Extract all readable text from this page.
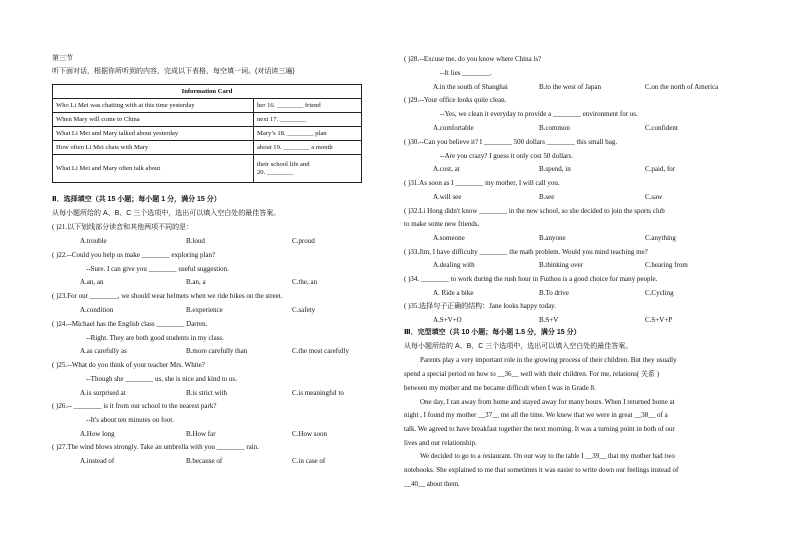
第三节
听下面对话，根据你所听到的内容，完成以下表格，每空填一词。(对话读三遍)
Information Card	
Who Li Mei was chatting with at this time yesterday	her 16. ________ friend
When Mary will come to China	next 17. ________
What Li Mei and Mary talked about yesterday	Mary’s 18. ________ plan
How often Li Mei chats with Mary	about 19. ________ a month
What Li Mei and Mary often talk about	their school life and
20. ________
Ⅱ．选择填空（共 15 小题；每小题 1 分，满分 15 分）
从每小题所给的 A、B、C 三个选项中，选出可以填入空白处的最佳答案。
( )21.以下划线部分读音和其他两项不同的是：
A.trouble	B.loud	C.proud
( )22.--Could you help us make ________ exploring plan?
--Sure. I can give you ________ useful suggestion.
A.an, an	B.an, a	C.the, an
( )23.For our ________, we should wear helmets when we ride bikes on the street.
A.condition	B.experience	C.safety
( )24.--Michael has the English class ________ Darren.
--Right. They are both good students in my class.
A.as carefully as	B.more carefully than	C.the most carefully
( )25.--What do you think of your teacher Mrs. White?
--Though she ________ us, she is nice and kind to us.
A.is surprised at	B.is strict with	C.is meaningful to
( )26.-- ________ is it from our school to the nearest park?
--It's about ten minutes on foot.
A.How long	B.How far	C.How soon
( )27.The wind blows strongly. Take an umbrella with you ________ rain.
A.instead of	B.because of	C.in case of
( )28.--Excuse me, do you know where China is?
--It lies ________.
A.in the south of Shanghai	B.to the west of Japan	C.on the north of America
( )29.--Your office looks quite clean.
--Yes, we clean it everyday to provide a ________ environment for us.
A.comfortable	B.common	C.confident
( )30.--Can you believe it? I ________ 500 dollars ________ this small bag.
--Are you crazy? I guess it only cost 50 dollars.
A.cost, at	B.spend, in	C.paid, for
( )31.As soon as I ________ my mother, I will call you.
A.will see	B.see	C.saw
( )32.Li Hong didn't know ________ in the new school, so she decided to join the sports club
to make some new friends.
A.someone	B.anyone	C.anything
( )33.Jim, I have difficulty ________ the math problem. Would you mind teaching me?
A.dealing with	B.thinking over	C.hearing from
( )34. ________ to work during the rush hour in Fuzhou is a good choice for many people.
A. Ride a bike	B.To drive	C.Cycling
( )35.选择句子正确的结构：Jane looks happy today.
A.S+V+O	B.S+V	C.S+V+P
Ⅲ．完型填空（共 10 小题；每小题 1.5 分，满分 15 分）
从每小题所给的 A、B、C 三个选项中，选出可以填入空白处的最佳答案。
Parents play a very important role in the growing process of their children. But they usually
spend a special period on how to __36__ well with their children. For me, relations( 关系 )
between my mother and me became difficult when I was in Grade 8.
One day, I ran away from home and stayed away for many hours. When I returned home at
night , I found my mother __37__ me all the time. We knew that we were in great __38__ of a
talk. We agreed to have breakfast together the next morning. It was a turning point in both of our
lives and our relationship.
We decided to go to a restaurant. On our way to the table I __39__ that my mother had two
notebooks. She explained to me that sometimes it was easier to write down our feelings instead of
__40__ about them.
